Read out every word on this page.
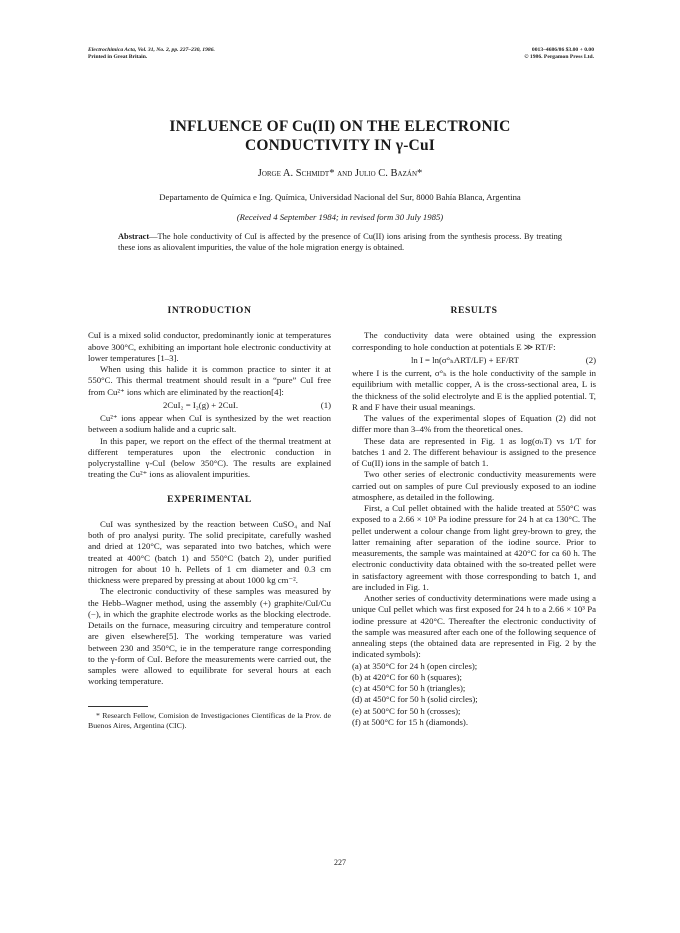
Electrochimica Acta, Vol. 31, No. 2, pp. 227–230, 1986.
Printed in Great Britain.
0013–4686/86 $3.00 + 0.00
© 1986. Pergamon Press Ltd.
INFLUENCE OF Cu(II) ON THE ELECTRONIC
CONDUCTIVITY IN γ-CuI
Jorge A. Schmidt* and Julio C. Bazán*
Departamento de Química e Ing. Química, Universidad Nacional del Sur, 8000 Bahía Blanca, Argentina
(Received 4 September 1984; in revised form 30 July 1985)
Abstract—The hole conductivity of CuI is affected by the presence of Cu(II) ions arising from the synthesis process. By treating these ions as aliovalent impurities, the value of the hole migration energy is obtained.
INTRODUCTION

CuI is a mixed solid conductor, predominantly ionic at temperatures above 300°C, exhibiting an important hole electronic conductivity at lower temperatures [1–3].

When using this halide it is common practice to sinter it at 550°C. This thermal treatment should result in a “pure” CuI free from Cu²⁺ ions which are eliminated by the reaction[4]:

2CuI₂ = I₂(g) + 2CuI.	(1)

Cu²⁺ ions appear when CuI is synthesized by the wet reaction between a sodium halide and a cupric salt.

In this paper, we report on the effect of the thermal treatment at different temperatures upon the electronic conduction in polycrystalline γ-CuI (below 350°C). The results are explained treating the Cu²⁺ ions as aliovalent impurities.

EXPERIMENTAL

CuI was synthesized by the reaction between CuSO₄ and NaI both of pro analysi purity. The solid precipitate, carefully washed and dried at 120°C, was separated into two batches, which were treated at 400°C (batch 1) and 550°C (batch 2), under purified nitrogen for about 10 h. Pellets of 1 cm diameter and 0.3 cm thickness were prepared by pressing at about 1000 kg cm⁻².

The electronic conductivity of these samples was measured by the Hebb–Wagner method, using the assembly (+) graphite/CuI/Cu (−), in which the graphite electrode works as the blocking electrode. Details on the furnace, measuring circuitry and temperature control are given elsewhere[5]. The working temperature was varied between 230 and 350°C, ie in the temperature range corresponding to the γ-form of CuI. Before the measurements were carried out, the samples were allowed to equilibrate for several hours at each working temperature.

* Research Fellow, Comision de Investigaciones Científicas de la Prov. de Buenos Aires, Argentina (CIC).
RESULTS

The conductivity data were obtained using the expression corresponding to hole conduction at potentials E ≫ RT/F:

ln I = ln(σ°ₕART/LF) + EF/RT	(2)

where I is the current, σ°ₕ is the hole conductivity of the sample in equilibrium with metallic copper, A is the cross-sectional area, L is the thickness of the solid electrolyte and E is the applied potential. T, R and F have their usual meanings.

The values of the experimental slopes of Equation (2) did not differ more than 3–4% from the theoretical ones.

These data are represented in Fig. 1 as log(σₕT) vs 1/T for batches 1 and 2. The different behaviour is assigned to the presence of Cu(II) ions in the sample of batch 1.

Two other series of electronic conductivity measurements were carried out on samples of pure CuI previously exposed to an iodine atmosphere, as detailed in the following.

First, a CuI pellet obtained with the halide treated at 550°C was exposed to a 2.66 × 10³ Pa iodine pressure for 24 h at ca 130°C. The pellet underwent a colour change from light grey-brown to grey, the latter remaining after separation of the iodine source. Prior to measurements, the sample was maintained at 420°C for ca 60 h. The electronic conductivity data obtained with the so-treated pellet were in satisfactory agreement with those corresponding to batch 1, and are included in Fig. 1.

Another series of conductivity determinations were made using a unique CuI pellet which was first exposed for 24 h to a 2.66 × 10³ Pa iodine pressure at 420°C. Thereafter the electronic conductivity of the sample was measured after each one of the following sequence of annealing steps (the obtained data are represented in Fig. 2 by the indicated symbols):

(a) at 350°C for 24 h (open circles);
(b) at 420°C for 60 h (squares);
(c) at 450°C for 50 h (triangles);
(d) at 450°C for 50 h (solid circles);
(e) at 500°C for 50 h (crosses);
(f) at 500°C for 15 h (diamonds).
227
